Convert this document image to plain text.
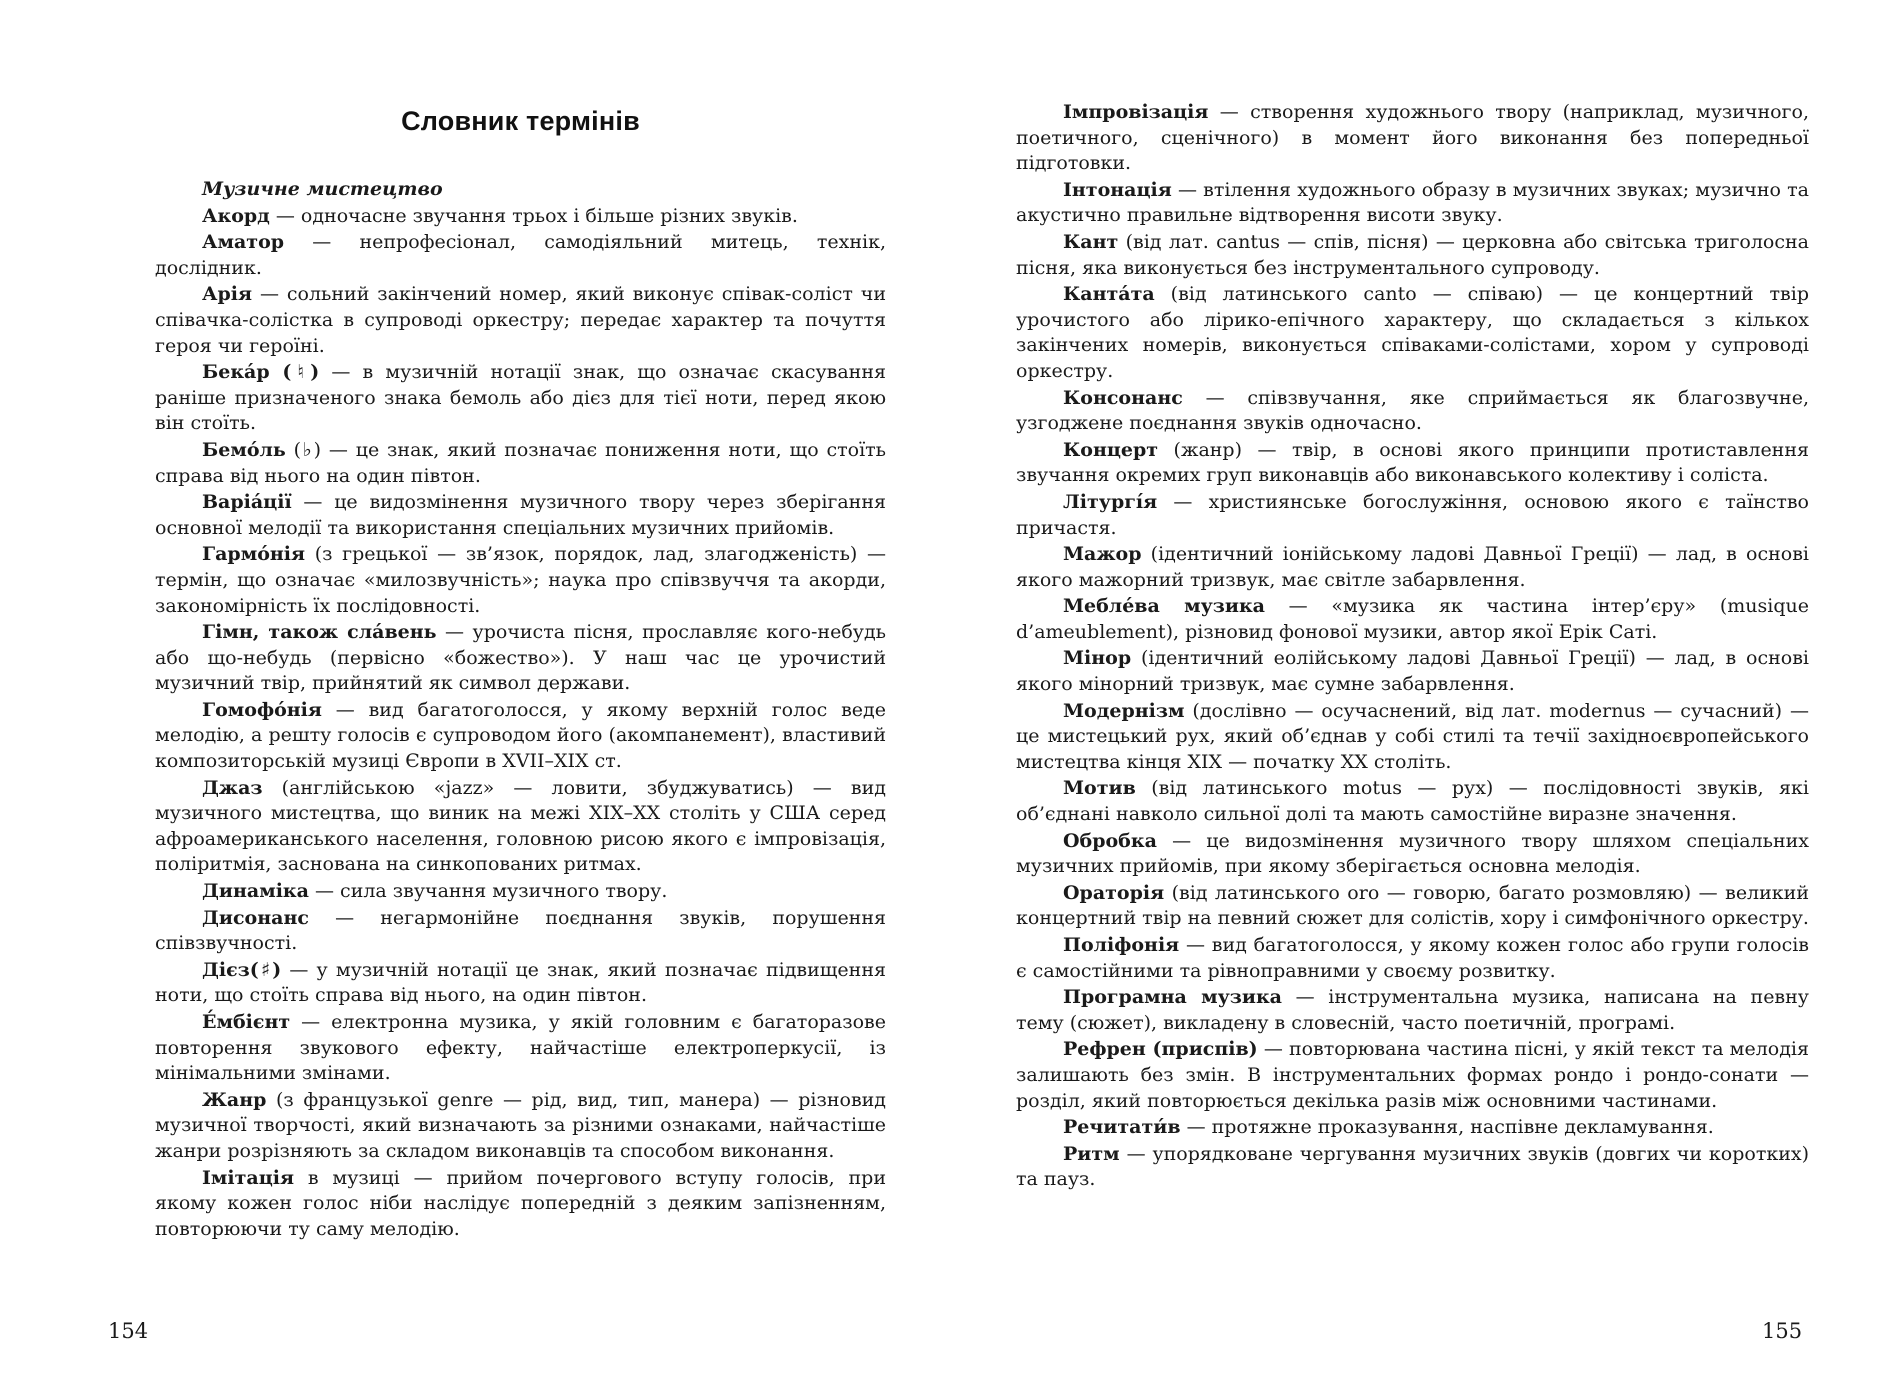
Словник термінів
Музичне мистецтво

Акорд — одночасне звучання трьох і більше різних звуків.

Аматор — непрофесіонал, самодіяльний митець, технік, дослідник.

Арія — сольний закінчений номер, який виконує співак-соліст чи співачка-солістка в супроводі оркестру; передає характер та почуття героя чи героїні.

Бека́р (♮) — в музичній нотації знак, що означає скасування раніше призначеного знака бемоль або дієз для тієї ноти, перед якою він стоїть.

Бемо́ль (♭) — це знак, який позначає пониження ноти, що стоїть справа від нього на один півтон.

Варіа́ції — це видозмінення музичного твору через зберігання основної мелодії та використання спеціальних музичних прийомів.

Гармо́нія (з грецької — зв’язок, порядок, лад, злагодженість) — термін, що означає «милозвучність»; наука про співзвуччя та акорди, закономірність їх послідовності.

Гімн, також сла́вень — урочиста пісня, прославляє кого-небудь або що-небудь (первісно «божество»). У наш час це урочистий музичний твір, прийнятий як символ держави.

Гомофо́нія — вид багатоголосся, у якому верхній голос веде мелодію, а решту голосів є супроводом його (акомпанемент), властивий композиторській музиці Європи в XVII–XIX ст.

Джаз (англійською «jazz» — ловити, збуджуватись) — вид музичного мистецтва, що виник на межі XIX–XX століть у США серед афроамериканського населення, головною рисою якого є імпровізація, поліритмія, заснована на синкопованих ритмах.

Динаміка — сила звучання музичного твору.

Дисонанс — негармонійне поєднання звуків, порушення співзвучності.

Дієз(♯) — у музичній нотації це знак, який позначає підвищення ноти, що стоїть справа від нього, на один півтон.

Е́мбієнт — електронна музика, у якій головним є багаторазове повторення звукового ефекту, найчастіше електроперкусії, із мінімальними змінами.

Жанр (з французької genre — рід, вид, тип, манера) — різновид музичної творчості, який визначають за різними ознаками, найчастіше жанри розрізняють за складом виконавців та способом виконання.

Імітація в музиці — прийом почергового вступу голосів, при якому кожен голос ніби наслідує попередній з деяким запізненням, повторюючи ту саму мелодію.

154

Імпровізація — створення художнього твору (наприклад, музичного, поетичного, сценічного) в момент його виконання без попередньої підготовки.

Інтонація — втілення художнього образу в музичних звуках; музично та акустично правильне відтворення висоти звуку.

Кант (від лат. cantus — спів, пісня) — церковна або світська триголосна пісня, яка виконується без інструментального супроводу.

Канта́та (від латинського canto — співаю) — це концертний твір урочистого або лірико-епічного характеру, що складається з кількох закінчених номерів, виконується співаками-солістами, хором у супроводі оркестру.

Консонанс — співзвучання, яке сприймається як благозвучне, узгоджене поєднання звуків одночасно.

Концерт (жанр) — твір, в основі якого принципи протиставлення звучання окремих груп виконавців або виконавського колективу і соліста.

Літургі́я — християнське богослужіння, основою якого є таїнство причастя.

Мажор (ідентичний іонійському ладові Давньої Греції) — лад, в основі якого мажорний тризвук, має світле забарвлення.

Мебле́ва музика — «музика як частина інтер’єру» (musique d’ameublement), різновид фонової музики, автор якої Ерік Саті.

Мінор (ідентичний еолійському ладові Давньої Греції) — лад, в основі якого мінорний тризвук, має сумне забарвлення.

Модернізм (дослівно — осучаснений, від лат. modernus — сучасний) — це мистецький рух, який об’єднав у собі стилі та течії західноєвропейського мистецтва кінця XIX — початку XX століть.

Мотив (від латинського motus — рух) — послідовності звуків, які об’єднані навколо сильної долі та мають самостійне виразне значення.

Обробка — це видозмінення музичного твору шляхом спеціальних музичних прийомів, при якому зберігається основна мелодія.

Ораторія (від латинського oro — говорю, багато розмовляю) — великий концертний твір на певний сюжет для солістів, хору і симфонічного оркестру.

Поліфонія — вид багатоголосся, у якому кожен голос або групи голосів є самостійними та рівноправними у своєму розвитку.

Програмна музика — інструментальна музика, написана на певну тему (сюжет), викладену в словесній, часто поетичній, програмі.

Рефрен (приспів) — повторювана частина пісні, у якій текст та мелодія залишають без змін. В інструментальних формах рондо і рондо-сонати — розділ, який повторюється декілька разів між основними частинами.

Речитати́в — протяжне проказування, наспівне декламування.

Ритм — упорядковане чергування музичних звуків (довгих чи коротких) та пауз.

155
